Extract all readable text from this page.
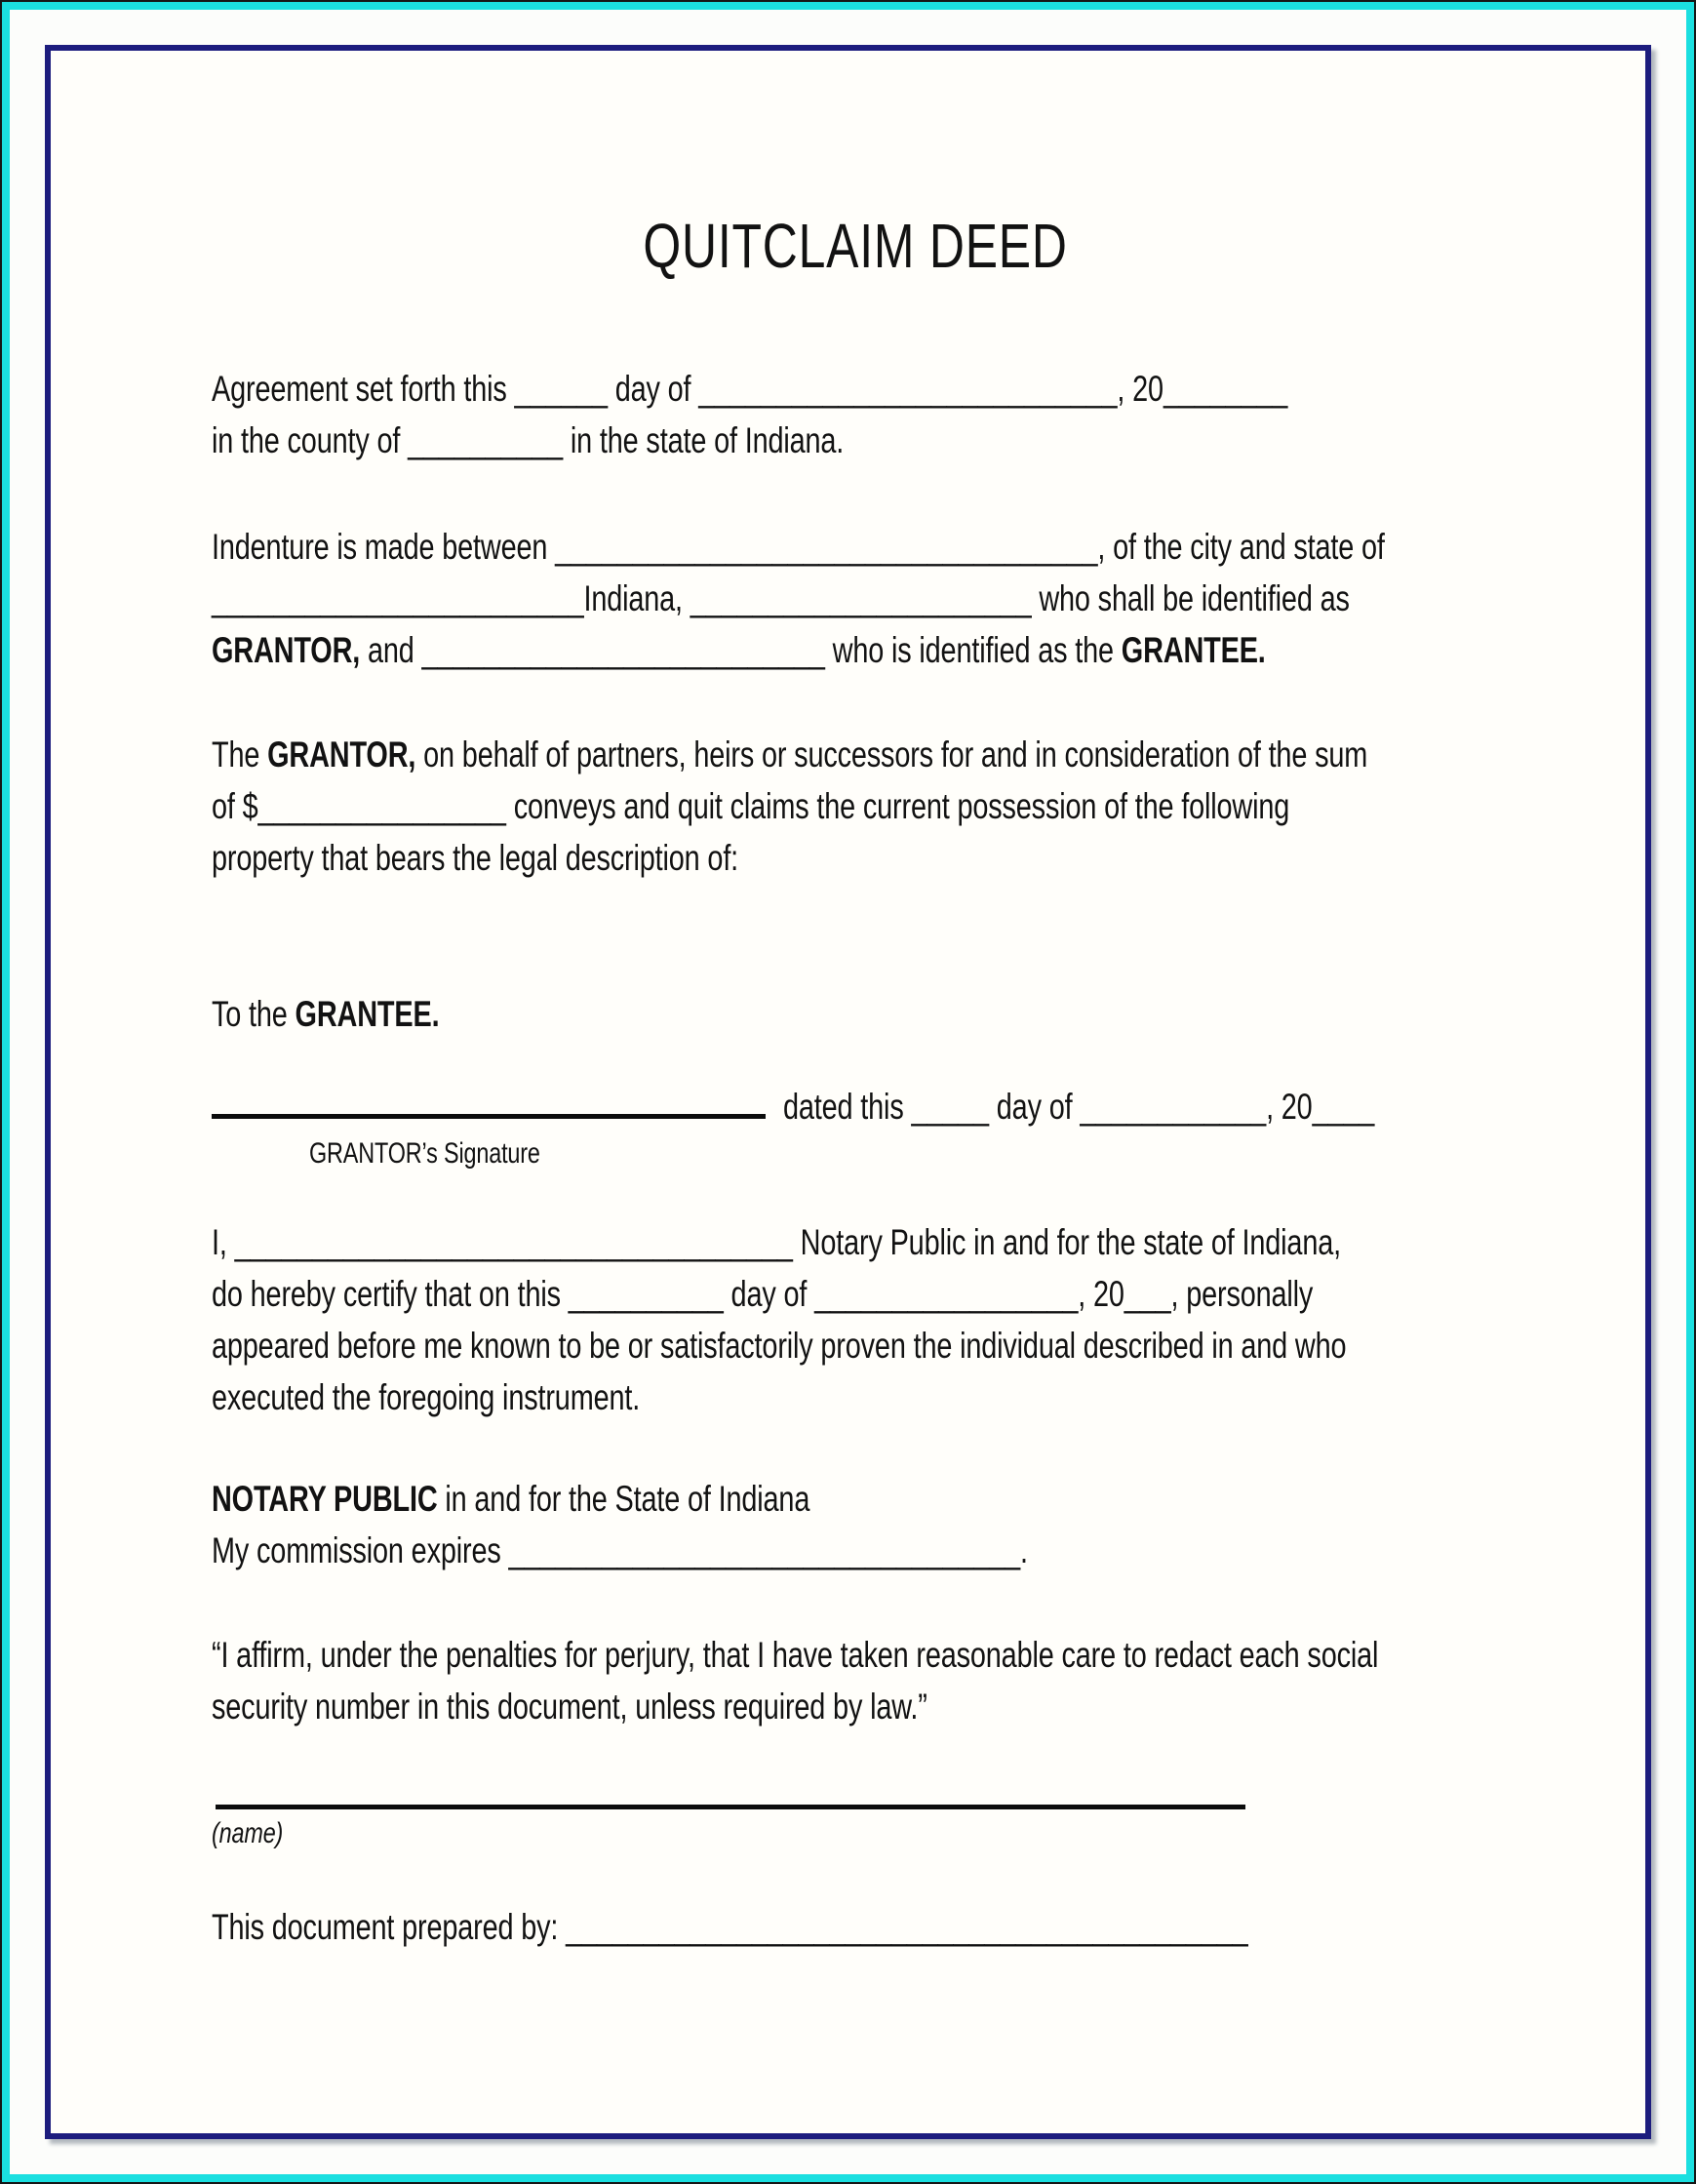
QUITCLAIM DEED
Agreement set forth this ______ day of ___________________________, 20________
in the county of __________ in the state of Indiana.
Indenture is made between ___________________________________, of the city and state of
________________________Indiana, ______________________ who shall be identified as
GRANTOR, and __________________________ who is identified as the GRANTEE.
The GRANTOR, on behalf of partners, heirs or successors for and in consideration of the sum
of $________________ conveys and quit claims the current possession of the following
property that bears the legal description of:
To the GRANTEE.
dated this _____ day of ____________, 20____
GRANTOR’s Signature
I, ____________________________________ Notary Public in and for the state of Indiana,
do hereby certify that on this __________ day of _________________, 20___, personally
appeared before me known to be or satisfactorily proven the individual described in and who
executed the foregoing instrument.
NOTARY PUBLIC in and for the State of Indiana
My commission expires _________________________________.
“I affirm, under the penalties for perjury, that I have taken reasonable care to redact each social
security number in this document, unless required by law.”
(name)
This document prepared by: ____________________________________________
